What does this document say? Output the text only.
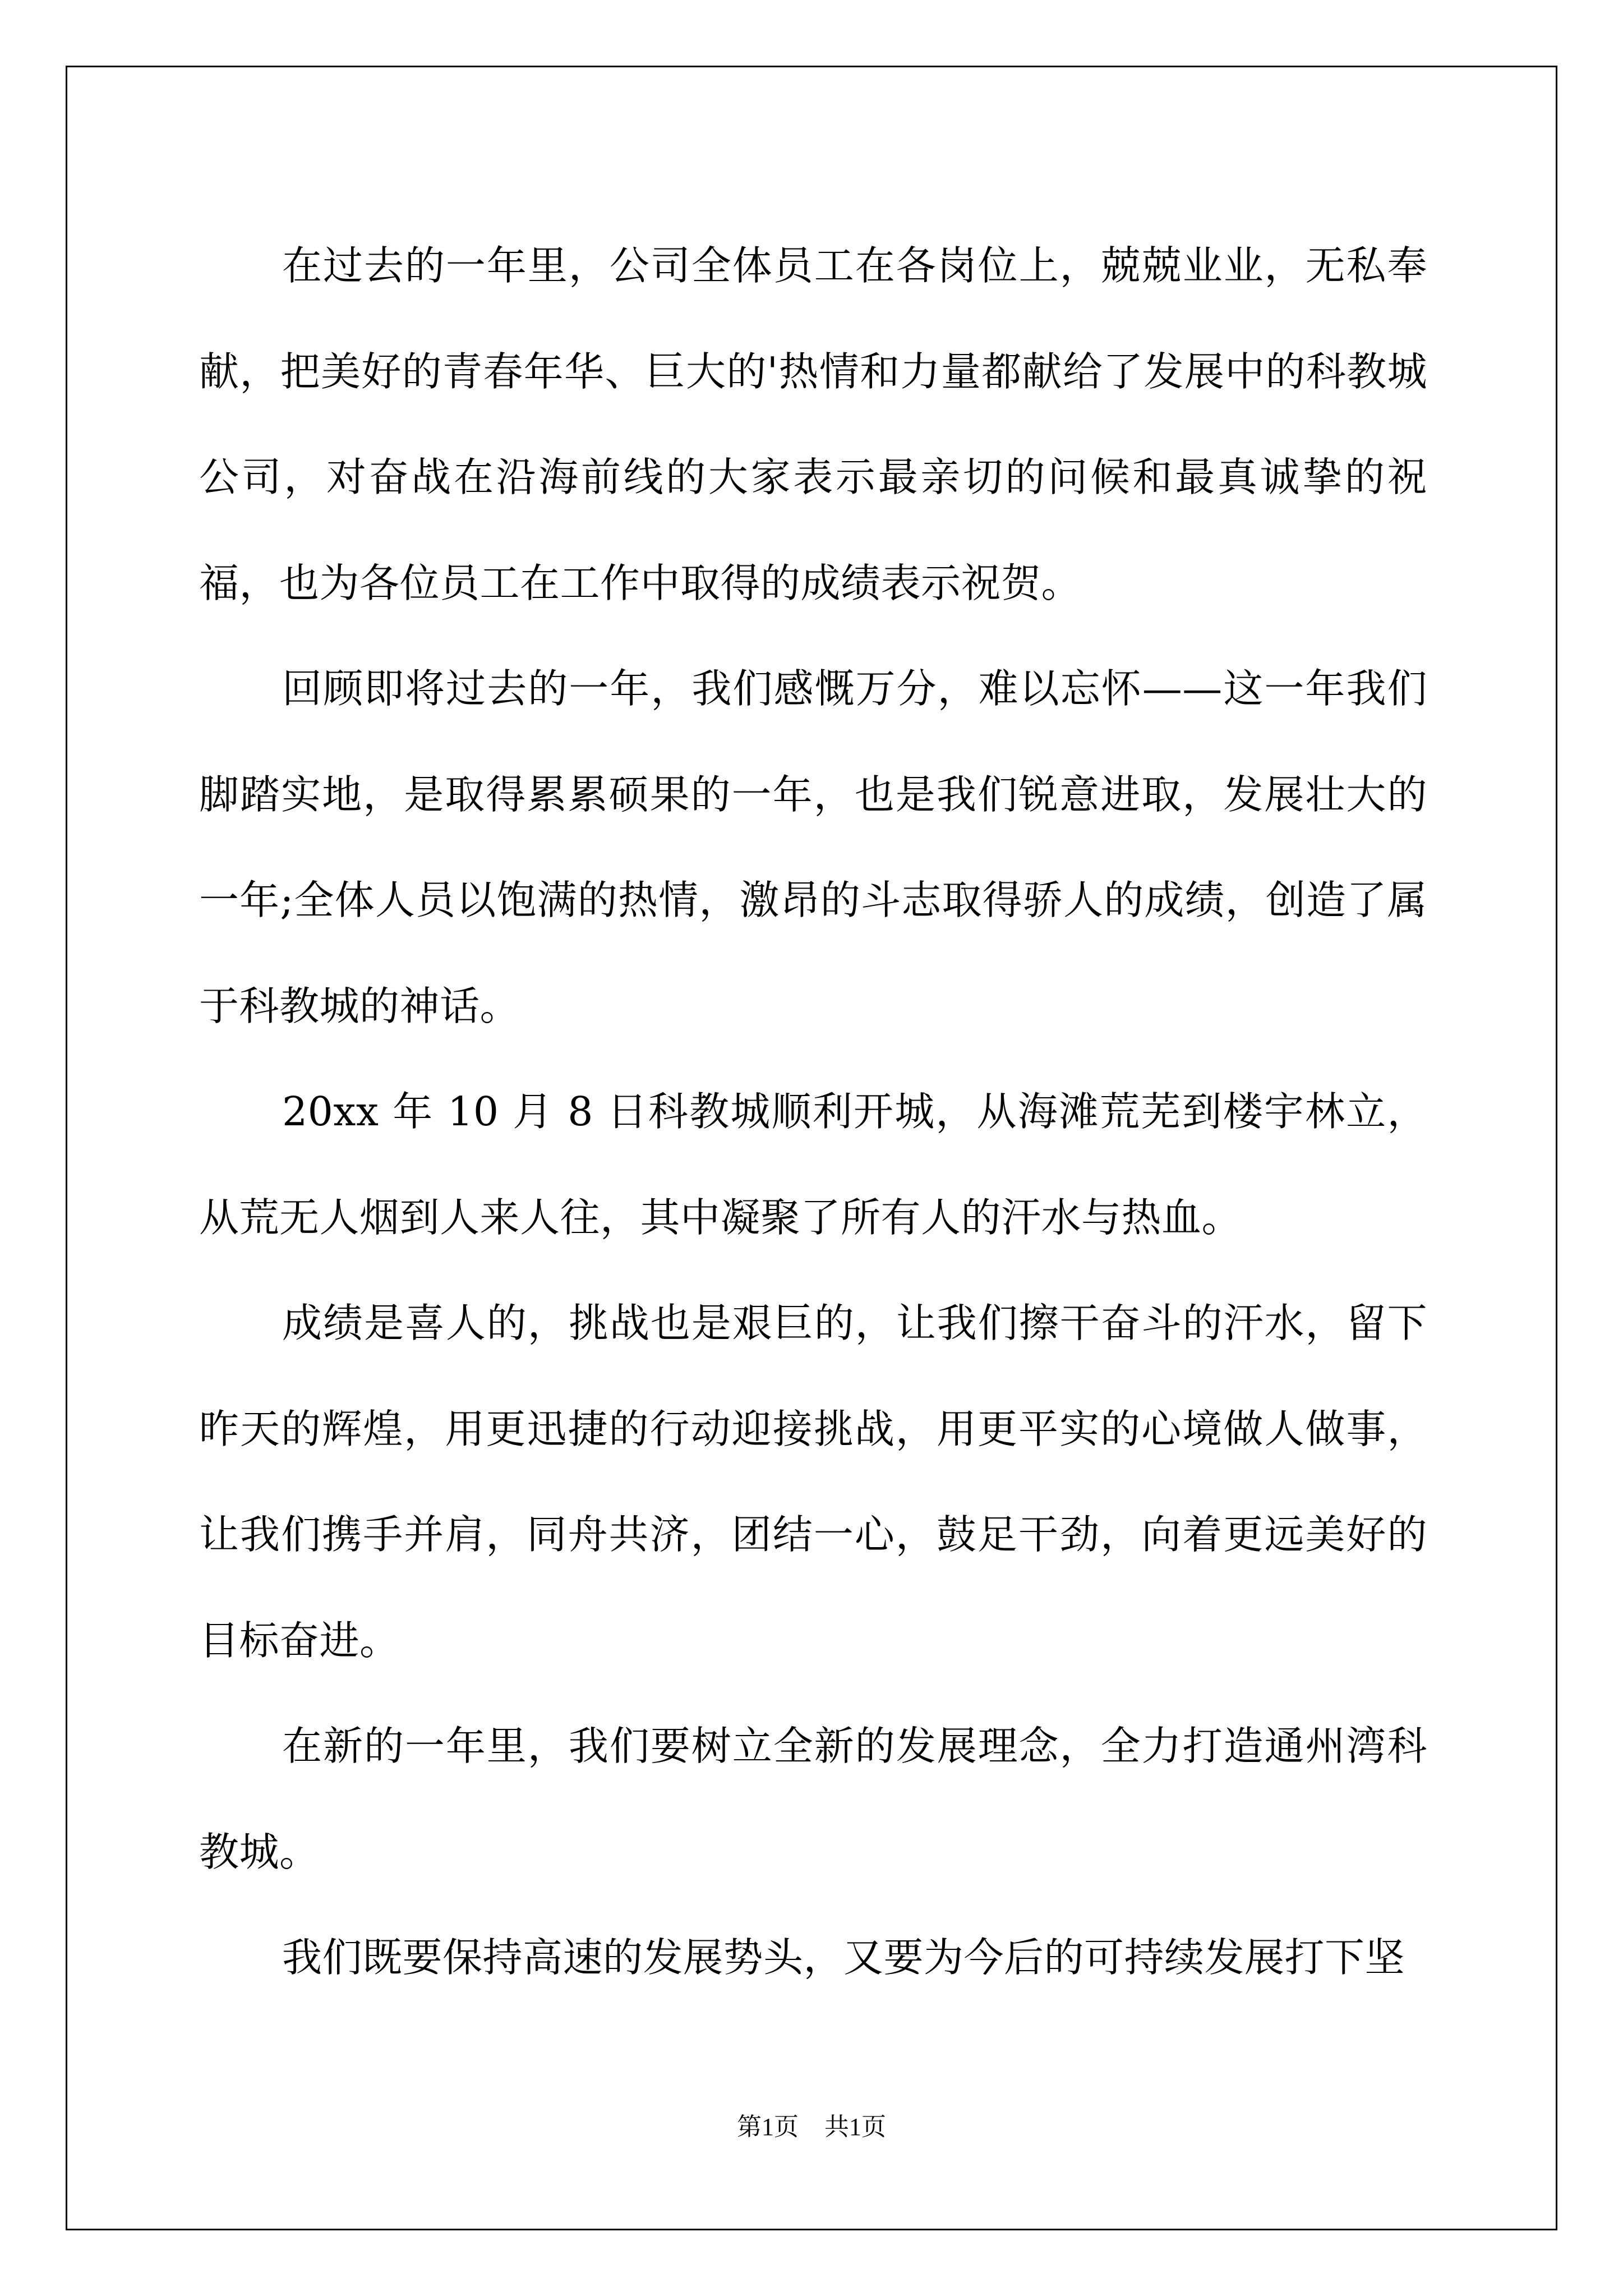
在过去的一年里，公司全体员工在各岗位上，兢兢业业，无私奉献，把美好的青春年华、巨大的'热情和力量都献给了发展中的科教城公司，对奋战在沿海前线的大家表示最亲切的问候和最真诚挚的祝福，也为各位员工在工作中取得的成绩表示祝贺。

回顾即将过去的一年，我们感慨万分，难以忘怀——这一年我们脚踏实地，是取得累累硕果的一年，也是我们锐意进取，发展壮大的一年;全体人员以饱满的热情，激昂的斗志取得骄人的成绩，创造了属于科教城的神话。

20xx 年 10 月 8 日科教城顺利开城，从海滩荒芜到楼宇林立，从荒无人烟到人来人往，其中凝聚了所有人的汗水与热血。

成绩是喜人的，挑战也是艰巨的，让我们擦干奋斗的汗水，留下昨天的辉煌，用更迅捷的行动迎接挑战，用更平实的心境做人做事，让我们携手并肩，同舟共济，团结一心，鼓足干劲，向着更远美好的目标奋进。

在新的一年里，我们要树立全新的发展理念，全力打造通州湾科教城。

我们既要保持高速的发展势头，又要为今后的可持续发展打下坚

第1页 共1页
